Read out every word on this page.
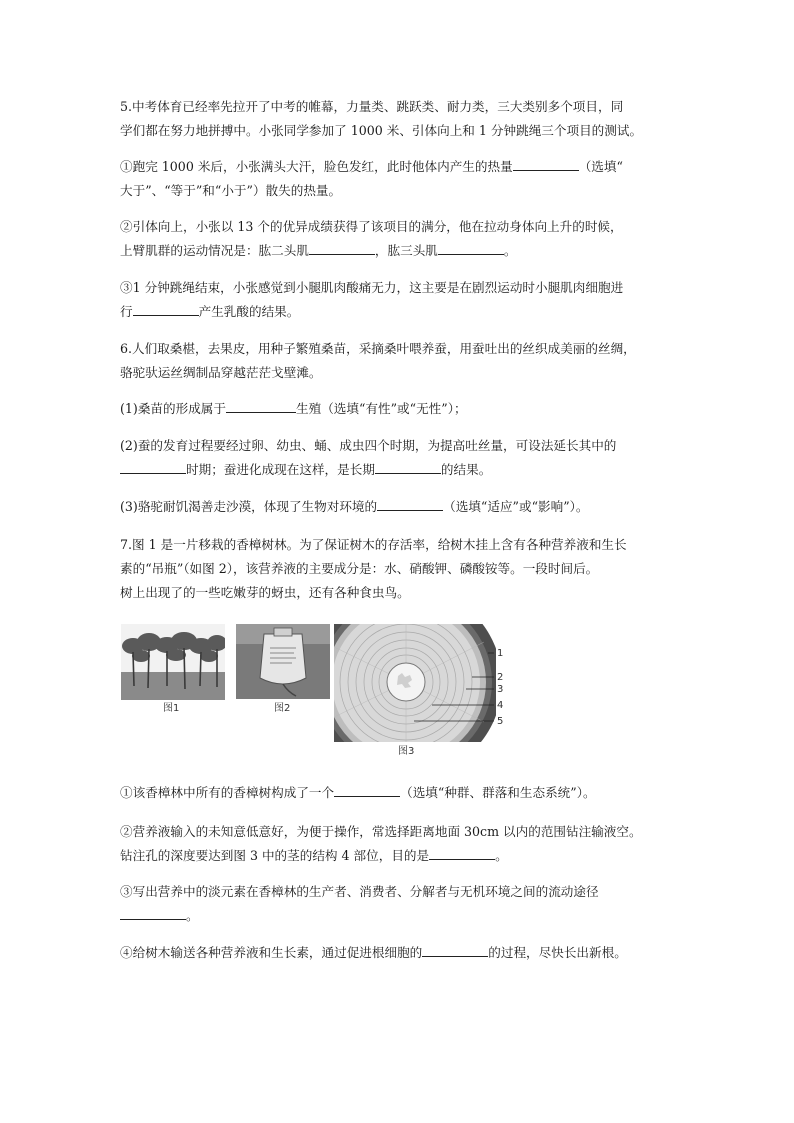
5.中考体育已经率先拉开了中考的帷幕，力量类、跳跃类、耐力类，三大类别多个项目，同
学们都在努力地拼搏中。小张同学参加了 1000 米、引体向上和 1 分钟跳绳三个项目的测试。

①跑完 1000 米后，小张满头大汗，脸色发红，此时他体内产生的热量	（选填“
大于”、“等于”和“小于”）散失的热量。

②引体向上，小张以 13 个的优异成绩获得了该项目的满分，他在拉动身体向上升的时候，
上臂肌群的运动情况是：肱二头肌	，肱三头肌	。

③1 分钟跳绳结束，小张感觉到小腿肌肉酸痛无力，这主要是在剧烈运动时小腿肌肉细胞进
行	产生乳酸的结果。

6.人们取桑椹，去果皮，用种子繁殖桑苗，采摘桑叶喂养蚕，用蚕吐出的丝织成美丽的丝绸，
骆驼驮运丝绸制品穿越茫茫戈壁滩。

(1)桑苗的形成属于	生殖（选填“有性”或“无性”）；

(2)蚕的发育过程要经过卵、幼虫、蛹、成虫四个时期，为提高吐丝量，可设法延长其中的
时期；蚕进化成现在这样，是长期	的结果。

(3)骆驼耐饥渴善走沙漠，体现了生物对环境的	（选填“适应”或“影响”）。

7.图 1 是一片移栽的香樟树林。为了保证树木的存活率，给树木挂上含有各种营养液和生长
素的“吊瓶”（如图 2），该营养液的主要成分是：水、硝酸钾、磷酸铵等。一段时间后。
树上出现了的一些吃嫩芽的蚜虫，还有各种食虫鸟。

图1	图2
1
2
3
4
5
图3

①该香樟林中所有的香樟树构成了一个	（选填“种群、群落和生态系统”）。

②营养液输入的未知意低意好，为便于操作，常选择距离地面 30cm 以内的范围钻注输液空。
钻注孔的深度要达到图 3 中的茎的结构 4 部位，目的是	。

③写出营养中的淡元素在香樟林的生产者、消费者、分解者与无机环境之间的流动途径
。

④给树木输送各种营养液和生长素，通过促进根细胞的	的过程，尽快长出新根。
